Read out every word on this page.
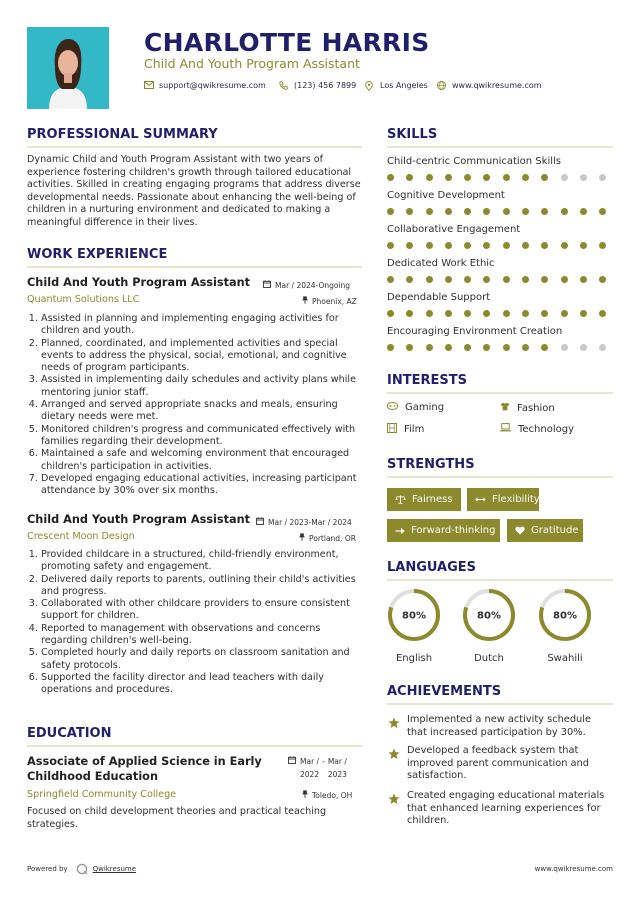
CHARLOTTE HARRIS
Child And Youth Program Assistant
support@qwikresume.com	(123) 456 7899	Los Angeles	www.qwikresume.com
PROFESSIONAL SUMMARY
Dynamic Child and Youth Program Assistant with two years of experience fostering children's growth through tailored educational activities. Skilled in creating engaging programs that address diverse developmental needs. Passionate about enhancing the well-being of children in a nurturing environment and dedicated to making a meaningful difference in their lives.
WORK EXPERIENCE
Child And Youth Program Assistant	Mar / 2024-Ongoing
Quantum Solutions LLC	Phoenix, AZ
1. Assisted in planning and implementing engaging activities for children and youth.
2. Planned, coordinated, and implemented activities and special events to address the physical, social, emotional, and cognitive needs of program participants.
3. Assisted in implementing daily schedules and activity plans while mentoring junior staff.
4. Arranged and served appropriate snacks and meals, ensuring dietary needs were met.
5. Monitored children's progress and communicated effectively with families regarding their development.
6. Maintained a safe and welcoming environment that encouraged children's participation in activities.
7. Developed engaging educational activities, increasing participant attendance by 30% over six months.
Child And Youth Program Assistant Mar / 2023-Mar / 2024
Crescent Moon Design	Portland, OR
1. Provided childcare in a structured, child-friendly environment, promoting safety and engagement.
2. Delivered daily reports to parents, outlining their child's activities and progress.
3. Collaborated with other childcare providers to ensure consistent support for children.
4. Reported to management with observations and concerns regarding children's well-being.
5. Completed hourly and daily reports on classroom sanitation and safety protocols.
6. Supported the facility director and lead teachers with daily operations and procedures.
EDUCATION
Associate of Applied Science in Early
Childhood Education
Mar /
2022
- Mar /
2023
Springfield Community College	Toledo, OH
Focused on child development theories and practical teaching strategies.
SKILLS
Child-centric Communication Skills
Cognitive Development
Collaborative Engagement
Dedicated Work Ethic
Dependable Support
Encouraging Environment Creation
INTERESTS
Gaming	Fashion
Film	Technology
STRENGTHS
Fairness	Flexibility
Forward-thinking	Gratitude
LANGUAGES
80%
English
80%
Dutch
80%
Swahili
ACHIEVEMENTS
Implemented a new activity schedule that increased participation by 30%.
Developed a feedback system that improved parent communication and satisfaction.
Created engaging educational materials that enhanced learning experiences for children.
Powered by	Qwikresume	www.qwikresume.com
